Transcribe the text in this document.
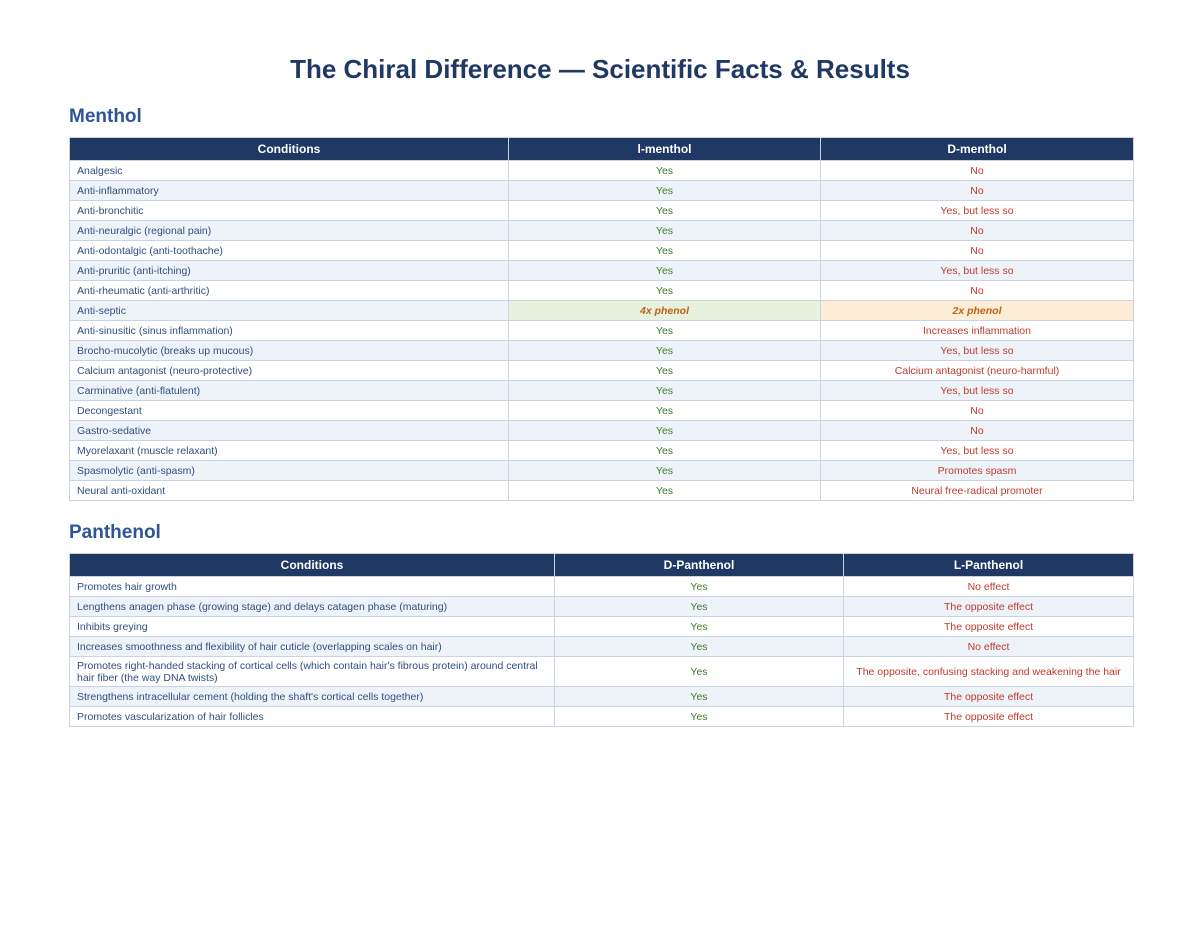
The Chiral Difference — Scientific Facts & Results
Menthol
Conditions	l-menthol	D-menthol
Analgesic	Yes	No
Anti-inflammatory	Yes	No
Anti-bronchitic	Yes	Yes, but less so
Anti-neuralgic (regional pain)	Yes	No
Anti-odontalgic (anti-toothache)	Yes	No
Anti-pruritic (anti-itching)	Yes	Yes, but less so
Anti-rheumatic (anti-arthritic)	Yes	No
Anti-septic	4x phenol	2x phenol
Anti-sinusitic (sinus inflammation)	Yes	Increases inflammation
Brocho-mucolytic (breaks up mucous)	Yes	Yes, but less so
Calcium antagonist (neuro-protective)	Yes	Calcium antagonist (neuro-harmful)
Carminative (anti-flatulent)	Yes	Yes, but less so
Decongestant	Yes	No
Gastro-sedative	Yes	No
Myorelaxant (muscle relaxant)	Yes	Yes, but less so
Spasmolytic (anti-spasm)	Yes	Promotes spasm
Neural anti-oxidant	Yes	Neural free-radical promoter
Panthenol
Conditions	D-Panthenol	L-Panthenol
Promotes hair growth	Yes	No effect
Lengthens anagen phase (growing stage) and delays catagen phase (maturing)	Yes	The opposite effect
Inhibits greying	Yes	The opposite effect
Increases smoothness and flexibility of hair cuticle (overlapping scales on hair)	Yes	No effect
Promotes right-handed stacking of cortical cells (which contain hair's fibrous protein) around central hair fiber (the way DNA twists)	Yes	The opposite, confusing stacking and weakening the hair
Strengthens intracellular cement (holding the shaft's cortical cells together)	Yes	The opposite effect
Promotes vascularization of hair follicles	Yes	The opposite effect
